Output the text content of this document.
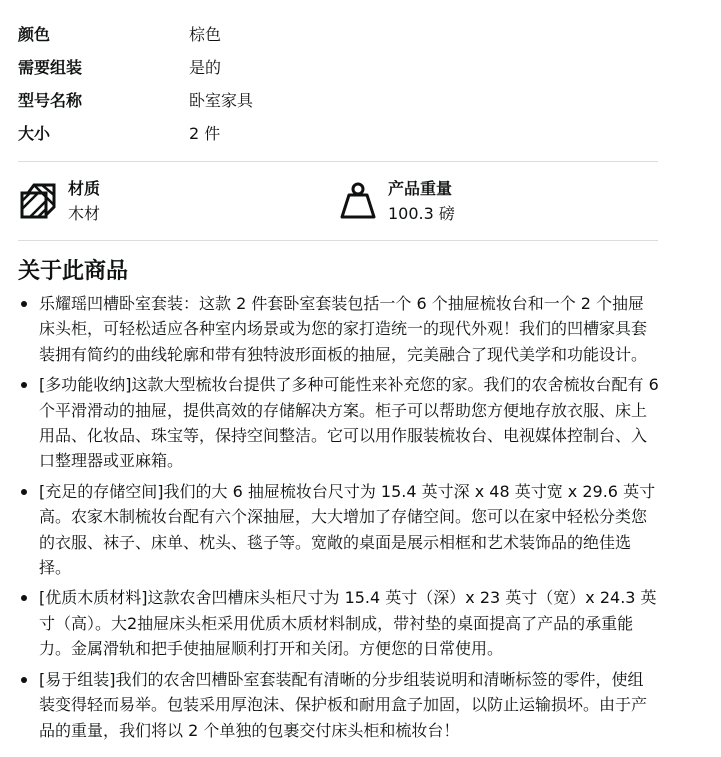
颜色	棕色
需要组装	是的
型号名称	卧室家具
大小	2 件
材质
木材
产品重量
100.3 磅
关于此商品
乐耀瑶凹槽卧室套装：这款 2 件套卧室套装包括一个 6 个抽屉梳妆台和一个 2 个抽屉床头柜，可轻松适应各种室内场景或为您的家打造统一的现代外观！我们的凹槽家具套装拥有简约的曲线轮廓和带有独特波形面板的抽屉，完美融合了现代美学和功能设计。
[多功能收纳]这款大型梳妆台提供了多种可能性来补充您的家。我们的农舍梳妆台配有 6 个平滑滑动的抽屉，提供高效的存储解决方案。柜子可以帮助您方便地存放衣服、床上用品、化妆品、珠宝等，保持空间整洁。它可以用作服装梳妆台、电视媒体控制台、入口整理器或亚麻箱。
[充足的存储空间]我们的大 6 抽屉梳妆台尺寸为 15.4 英寸深 x 48 英寸宽 x 29.6 英寸高。农家木制梳妆台配有六个深抽屉，大大增加了存储空间。您可以在家中轻松分类您的衣服、袜子、床单、枕头、毯子等。宽敞的桌面是展示相框和艺术装饰品的绝佳选择。
[优质木质材料]这款农舍凹槽床头柜尺寸为 15.4 英寸（深）x 23 英寸（宽）x 24.3 英寸（高）。大2抽屉床头柜采用优质木质材料制成，带衬垫的桌面提高了产品的承重能力。金属滑轨和把手使抽屉顺利打开和关闭。方便您的日常使用。
[易于组装]我们的农舍凹槽卧室套装配有清晰的分步组装说明和清晰标签的零件，使组装变得轻而易举。包装采用厚泡沫、保护板和耐用盒子加固，以防止运输损坏。由于产品的重量，我们将以 2 个单独的包裹交付床头柜和梳妆台！
